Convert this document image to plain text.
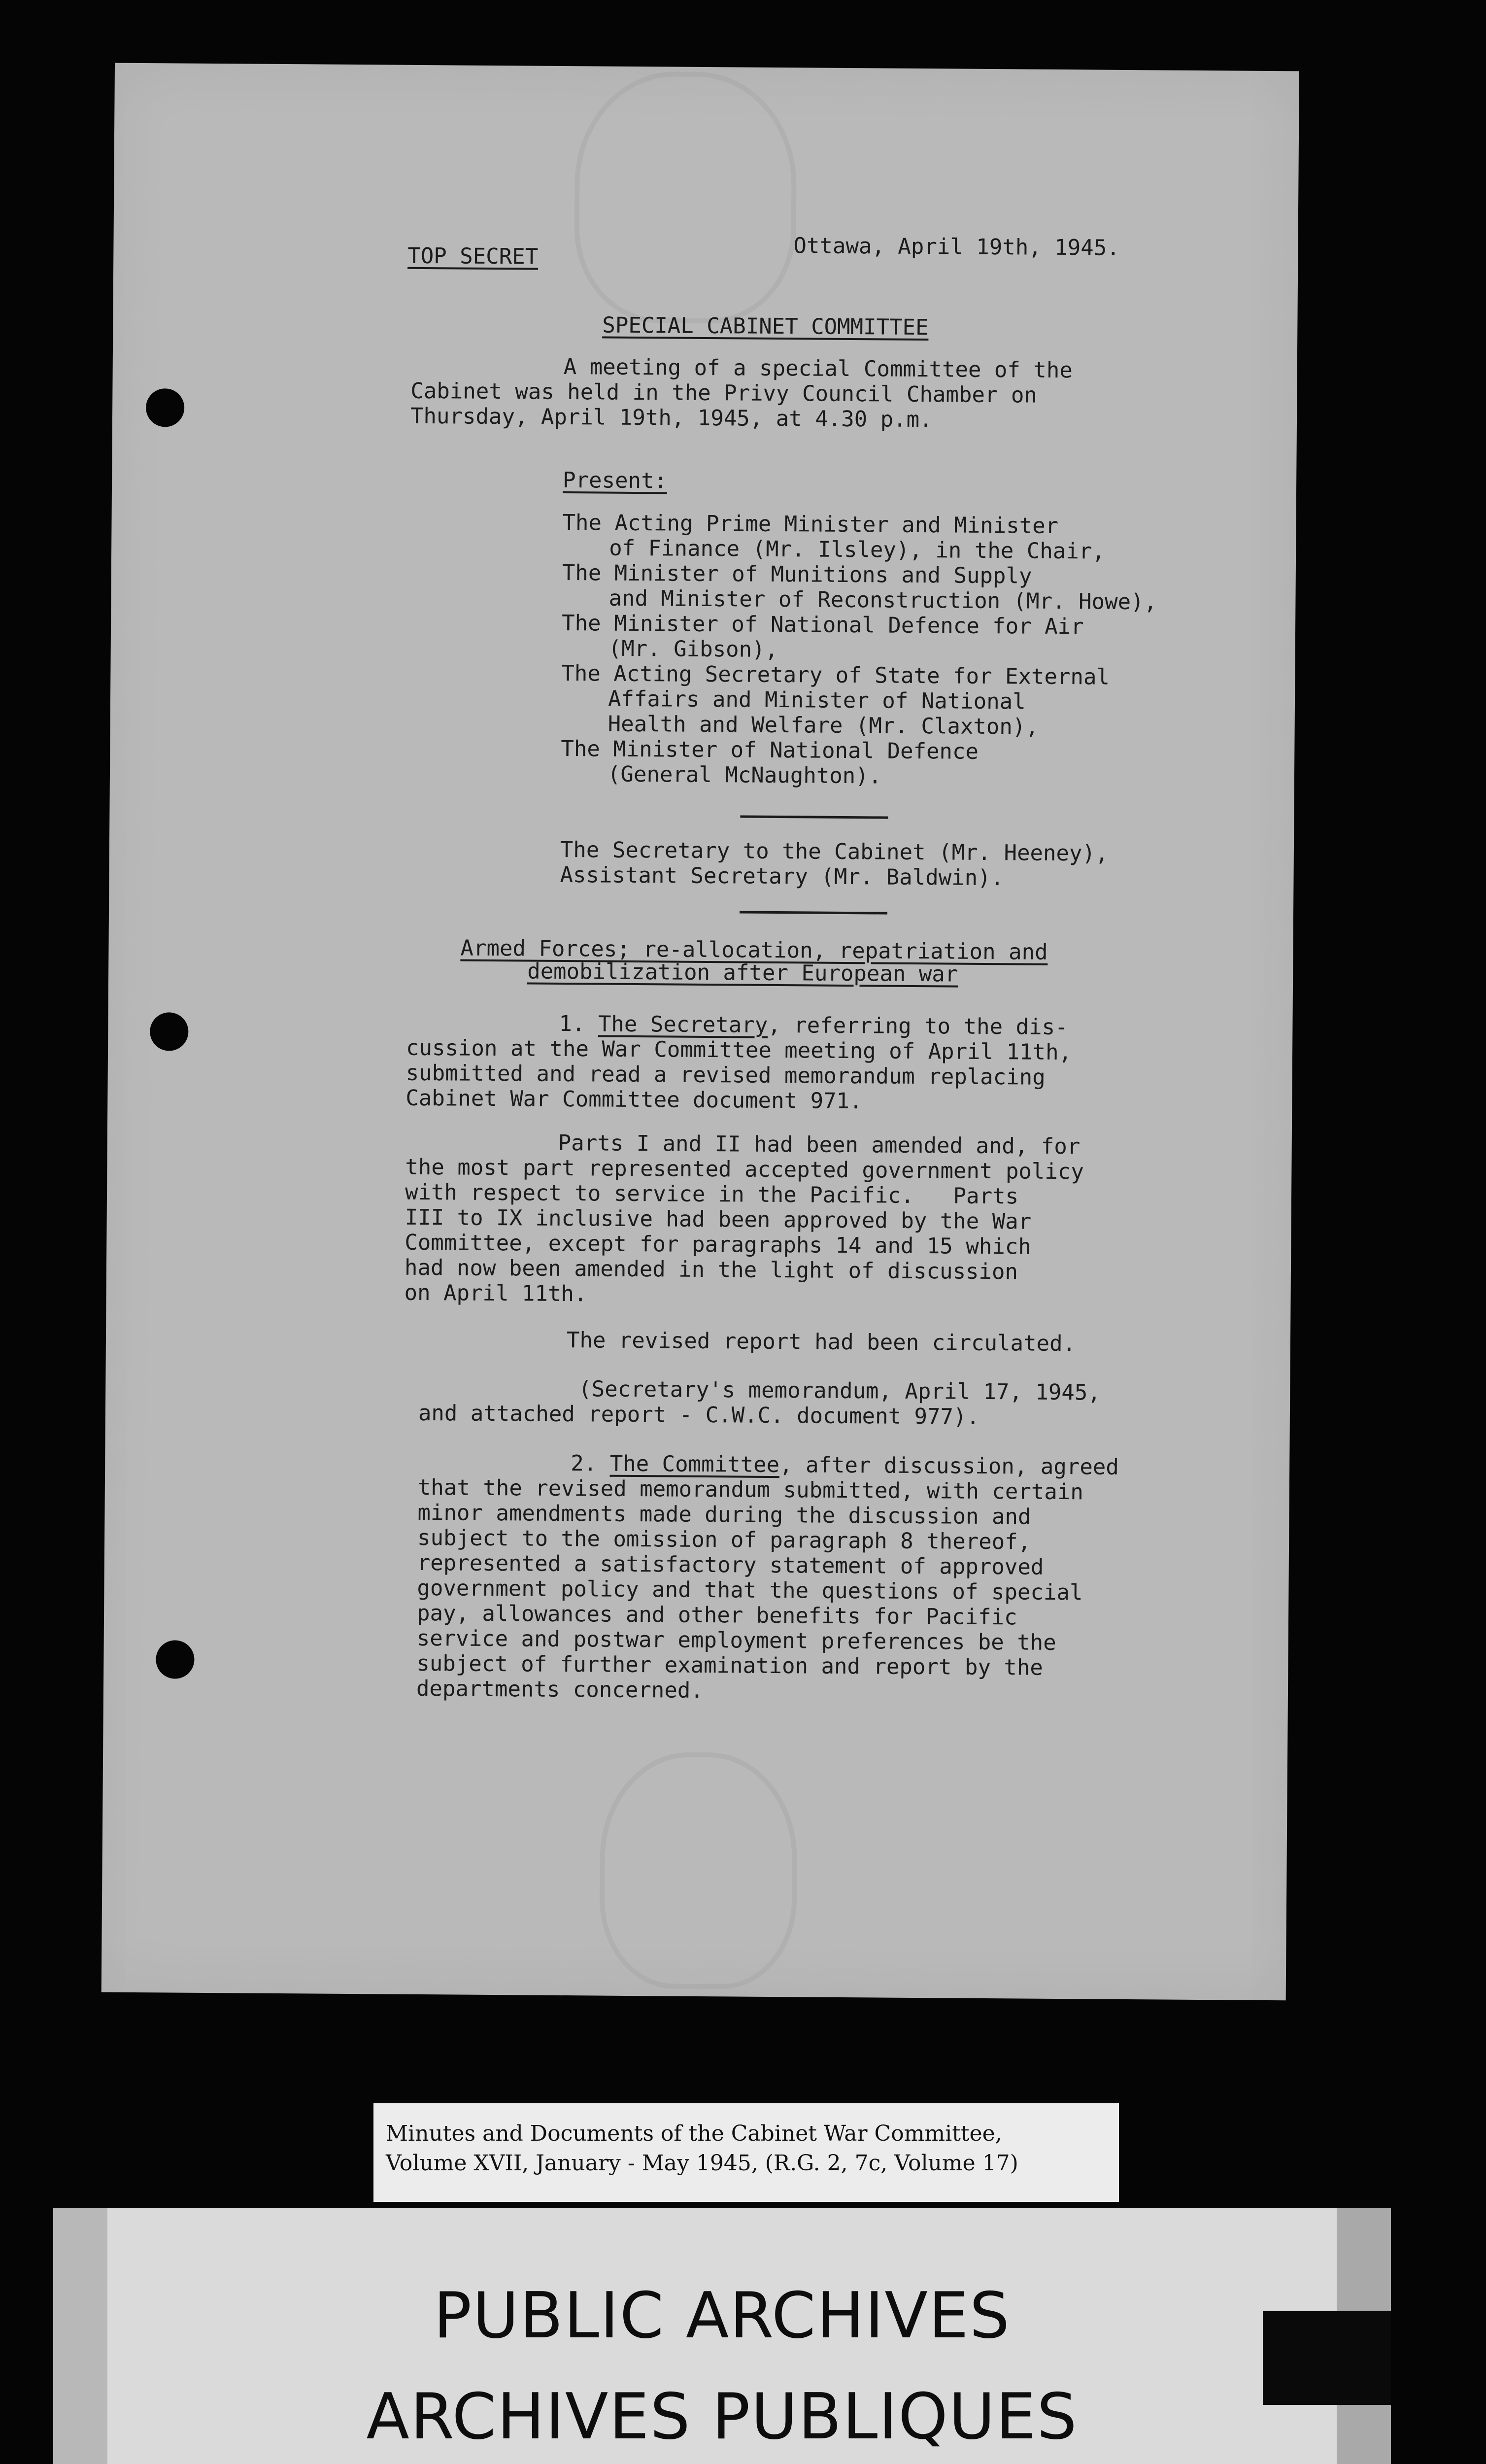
TOP SECRET	Ottawa, April 19th, 1945.

SPECIAL CABINET COMMITTEE

A meeting of a special Committee of the

Cabinet was held in the Privy Council Chamber on

Thursday, April 19th, 1945, at 4.30 p.m.

Present:

The Acting Prime Minister and Minister

of Finance (Mr. Ilsley), in the Chair,

The Minister of Munitions and Supply

and Minister of Reconstruction (Mr. Howe),

The Minister of National Defence for Air

(Mr. Gibson),

The Acting Secretary of State for External

Affairs and Minister of National

Health and Welfare (Mr. Claxton),

The Minister of National Defence

(General McNaughton).

The Secretary to the Cabinet (Mr. Heeney),

Assistant Secretary (Mr. Baldwin).

Armed Forces; re-allocation, repatriation and

demobilization after European war

1. The Secretary, referring to the dis-

cussion at the War Committee meeting of April 11th,

submitted and read a revised memorandum replacing

Cabinet War Committee document 971.

Parts I and II had been amended and, for

the most part represented accepted government policy

with respect to service in the Pacific.   Parts

III to IX inclusive had been approved by the War

Committee, except for paragraphs 14 and 15 which

had now been amended in the light of discussion

on April 11th.

The revised report had been circulated.

(Secretary's memorandum, April 17, 1945,

and attached report - C.W.C. document 977).

2. The Committee, after discussion, agreed

that the revised memorandum submitted, with certain

minor amendments made during the discussion and

subject to the omission of paragraph 8 thereof,

represented a satisfactory statement of approved

government policy and that the questions of special

pay, allowances and other benefits for Pacific

service and postwar employment preferences be the

subject of further examination and report by the

departments concerned.

Minutes and Documents of the Cabinet War Committee,

Volume XVII, January - May 1945, (R.G. 2, 7c, Volume 17)

PUBLIC ARCHIVES

ARCHIVES PUBLIQUES
